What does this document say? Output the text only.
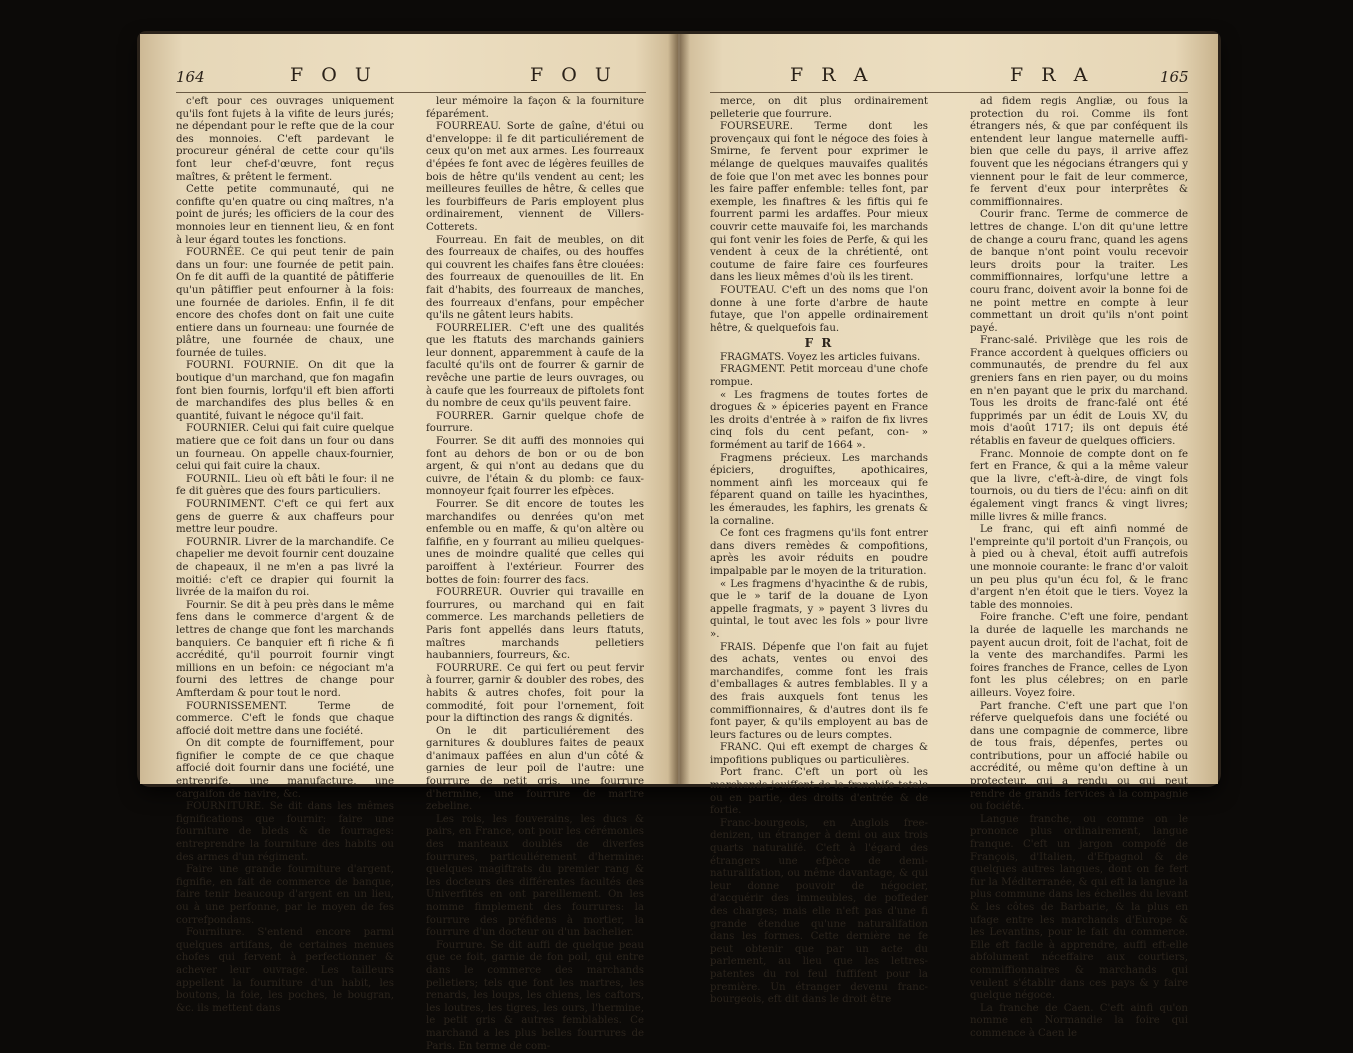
164	F O U	F O U

c'eft pour ces ouvrages uniquement qu'ils font fujets à la vifite de leurs jurés; ne dépendant pour le refte que de la cour des monnoies. C'eft pardevant le procureur général de cette cour qu'ils font leur chef-d'œuvre, font reçus maîtres, & prêtent le ferment.

Cette petite communauté, qui ne confifte qu'en quatre ou cinq maîtres, n'a point de jurés; les officiers de la cour des monnoies leur en tiennent lieu, & en font à leur égard toutes les fonctions.

FOURNÉE. Ce qui peut tenir de pain dans un four: une fournée de petit pain. On fe dit auffi de la quantité de pâtifferie qu'un pâtiffier peut enfourner à la fois: une fournée de darioles. Enfin, il fe dit encore des chofes dont on fait une cuite entiere dans un fourneau: une fournée de plâtre, une fournée de chaux, une fournée de tuiles.

FOURNI. FOURNIE. On dit que la boutique d'un marchand, que fon magafin font bien fournis, lorfqu'il eft bien afforti de marchandifes des plus belles & en quantité, fuivant le négoce qu'il fait.

FOURNIER. Celui qui fait cuire quelque matiere que ce foit dans un four ou dans un fourneau. On appelle chaux-fournier, celui qui fait cuire la chaux.

FOURNIL. Lieu où eft bâti le four: il ne fe dit guères que des fours particuliers.

FOURNIMENT. C'eft ce qui fert aux gens de guerre & aux chaffeurs pour mettre leur poudre.

FOURNIR. Livrer de la marchandife. Ce chapelier me devoit fournir cent douzaine de chapeaux, il ne m'en a pas livré la moitié: c'eft ce drapier qui fournit la livrée de la maifon du roi.

Fournir. Se dit à peu près dans le même fens dans le commerce d'argent & de lettres de change que font les marchands banquiers. Ce banquier eft fi riche & fi accrédité, qu'il pourroit fournir vingt millions en un befoin: ce négociant m'a fourni des lettres de change pour Amfterdam & pour tout le nord.

FOURNISSEMENT. Terme de commerce. C'eft le fonds que chaque affocié doit mettre dans une fociété.

On dit compte de fourniffement, pour fignifier le compte de ce que chaque affocié doit fournir dans une fociété, une entreprife, une manufacture, une cargaifon de navire, &c.

FOURNITURE. Se dit dans les mêmes fignifications que fournir: faire une fourniture de bleds & de fourrages: entreprendre la fourniture des habits ou des armes d'un régiment.

Faire une grande fourniture d'argent, fignifie, en fait de commerce de banque, faire tenir beaucoup d'argent en un lieu, ou à une perfonne, par le moyen de fes correfpondans.

Fourniture. S'entend encore parmi quelques artifans, de certaines menues chofes qui fervent à perfectionner & achever leur ouvrage. Les tailleurs appellent la fourniture d'un habit, les boutons, la foie, les poches, le bougran, &c. ils mettent dans

leur mémoire la façon & la fourniture féparément.

FOURREAU. Sorte de gaîne, d'étui ou d'enveloppe: il fe dit particuliérement de ceux qu'on met aux armes. Les fourreaux d'épées fe font avec de légères feuilles de bois de hêtre qu'ils vendent au cent; les meilleures feuilles de hêtre, & celles que les fourbiffeurs de Paris employent plus ordinairement, viennent de Villers-Cotterets.

Fourreau. En fait de meubles, on dit des fourreaux de chaifes, ou des houffes qui couvrent les chaifes fans être clouées: des fourreaux de quenouilles de lit. En fait d'habits, des fourreaux de manches, des fourreaux d'enfans, pour empêcher qu'ils ne gâtent leurs habits.

FOURRELIER. C'eft une des qualités que les ftatuts des marchands gainiers leur donnent, apparemment à caufe de la faculté qu'ils ont de fourrer & garnir de revêche une partie de leurs ouvrages, ou à caufe que les fourreaux de piftolets font du nombre de ceux qu'ils peuvent faire.

FOURRER. Garnir quelque chofe de fourrure.

Fourrer. Se dit auffi des monnoies qui font au dehors de bon or ou de bon argent, & qui n'ont au dedans que du cuivre, de l'étain & du plomb: ce faux-monnoyeur fçait fourrer les efpèces.

Fourrer. Se dit encore de toutes les marchandifes ou denrées qu'on met enfemble ou en maffe, & qu'on altère ou falfifie, en y fourrant au milieu quelques-unes de moindre qualité que celles qui paroiffent à l'extérieur. Fourrer des bottes de foin: fourrer des facs.

FOURREUR. Ouvrier qui travaille en fourrures, ou marchand qui en fait commerce. Les marchands pelletiers de Paris font appellés dans leurs ftatuts, maîtres marchands pelletiers haubanniers, fourreurs, &c.

FOURRURE. Ce qui fert ou peut fervir à fourrer, garnir & doubler des robes, des habits & autres chofes, foit pour la commodité, foit pour l'ornement, foit pour la diftinction des rangs & dignités.

On le dit particuliérement des garnitures & doublures faites de peaux d'animaux paffées en alun d'un côté & garnies de leur poil de l'autre: une fourrure de petit gris, une fourrure d'hermine, une fourrure de martre zebeline.

Les rois, les fouverains, les ducs & pairs, en France, ont pour les cérémonies des manteaux doublés de diverfes fourrures, particuliérement d'hermine: quelques magiftrats du premier rang & les docteurs des différentes facultés des Univerfités en ont pareillement. On les nomme fimplement des fourrures: la fourrure des préfidens à mortier, la fourrure d'un docteur ou d'un bachelier.

Fourrure. Se dit auffi de quelque peau que ce foit, garnie de fon poil, qui entre dans le commerce des marchands pelletiers; tels que font les martres, les renards, les loups, les chiens, les caftors, les loutres, les tigres, les ours, l'hermine, le petit gris & autres femblables. Ce marchand a les plus belles fourrures de Paris. En terme de com-

F R A	F R A	165

merce, on dit plus ordinairement pelleterie que fourrure.

FOURSEURE. Terme dont les provençaux qui font le négoce des foies à Smirne, fe fervent pour exprimer le mélange de quelques mauvaifes qualités de foie que l'on met avec les bonnes pour les faire paffer enfemble: telles font, par exemple, les finaftres & les fiftis qui fe fourrent parmi les ardaffes. Pour mieux couvrir cette mauvaife foi, les marchands qui font venir les foies de Perfe, & qui les vendent à ceux de la chrétienté, ont coutume de faire faire ces fourfeures dans les lieux mêmes d'où ils les tirent.

FOUTEAU. C'eft un des noms que l'on donne à une forte d'arbre de haute futaye, que l'on appelle ordinairement hêtre, & quelquefois fau.

F R

FRAGMATS. Voyez les articles fuivans.

FRAGMENT. Petit morceau d'une chofe rompue.

« Les fragmens de toutes fortes de drogues & » épiceries payent en France les droits d'entrée à » raifon de fix livres cinq fols du cent pefant, con- » formément au tarif de 1664 ».

Fragmens précieux. Les marchands épiciers, droguiftes, apothicaires, nomment ainfi les morceaux qui fe féparent quand on taille les hyacinthes, les émeraudes, les faphirs, les grenats & la cornaline.

Ce font ces fragmens qu'ils font entrer dans divers remèdes & compofitions, après les avoir réduits en poudre impalpable par le moyen de la trituration.

« Les fragmens d'hyacinthe & de rubis, que le » tarif de la douane de Lyon appelle fragmats, y » payent 3 livres du quintal, le tout avec les fols » pour livre ».

FRAIS. Dépenfe que l'on fait au fujet des achats, ventes ou envoi des marchandifes, comme font les frais d'emballages & autres femblables. Il y a des frais auxquels font tenus les commiffionnaires, & d'autres dont ils fe font payer, & qu'ils employent au bas de leurs factures ou de leurs comptes.

FRANC. Qui eft exempt de charges & impofitions publiques ou particulières.

Port franc. C'eft un port où les marchands jouiffent de la franchife totale ou en partie, des droits d'entrée & de fortie.

Franc-bourgeois, en Anglois free-denizen, un étranger à demi ou aux trois quarts naturalifé. C'eft à l'égard des étrangers une efpèce de demi-naturalifation, ou même davantage, & qui leur donne pouvoir de négocier, d'acquérir des immeubles, de poffeder des charges; mais elle n'eft pas d'une fi grande étendue qu'une naturalifation dans les formes. Cette dernière ne fe peut obtenir que par un acte du parlement, au lieu que les lettres-patentes du roi feul fuffifent pour la première. Un étranger devenu franc-bourgeois, eft dit dans le droit être

ad fidem regis Angliæ, ou fous la protection du roi. Comme ils font étrangers nés, & que par conféquent ils entendent leur langue maternelle auffi-bien que celle du pays, il arrive affez fouvent que les négocians étrangers qui y viennent pour le fait de leur commerce, fe fervent d'eux pour interprêtes & commiffionnaires.

Courir franc. Terme de commerce de lettres de change. L'on dit qu'une lettre de change a couru franc, quand les agens de banque n'ont point voulu recevoir leurs droits pour la traiter. Les commiffionnaires, lorfqu'une lettre a couru franc, doivent avoir la bonne foi de ne point mettre en compte à leur commettant un droit qu'ils n'ont point payé.

Franc-salé. Privilège que les rois de France accordent à quelques officiers ou communautés, de prendre du fel aux greniers fans en rien payer, ou du moins en n'en payant que le prix du marchand. Tous les droits de franc-falé ont été fupprimés par un édit de Louis XV, du mois d'août 1717; ils ont depuis été rétablis en faveur de quelques officiers.

Franc. Monnoie de compte dont on fe fert en France, & qui a la même valeur que la livre, c'eft-à-dire, de vingt fols tournois, ou du tiers de l'écu: ainfi on dit également vingt francs & vingt livres; mille livres & mille francs.

Le franc, qui eft ainfi nommé de l'empreinte qu'il portoit d'un François, ou à pied ou à cheval, étoit auffi autrefois une monnoie courante: le franc d'or valoit un peu plus qu'un écu fol, & le franc d'argent n'en étoit que le tiers. Voyez la table des monnoies.

Foire franche. C'eft une foire, pendant la durée de laquelle les marchands ne payent aucun droit, foit de l'achat, foit de la vente des marchandifes. Parmi les foires franches de France, celles de Lyon font les plus célebres; on en parle ailleurs. Voyez foire.

Part franche. C'eft une part que l'on réferve quelquefois dans une fociété ou dans une compagnie de commerce, libre de tous frais, dépenfes, pertes ou contributions, pour un affocié habile ou accrédité, ou même qu'on deftine à un protecteur, qui a rendu ou qui peut rendre de grands fervices à la compagnie ou fociété.

Langue franche, ou comme on le prononce plus ordinairement, langue franque. C'eft un jargon compofé de François, d'Italien, d'Efpagnol & de quelques autres langues, dont on fe fert fur la Méditerranée, & qui eft la langue la plus commune dans les échelles du levant & les côtes de Barbarie, & la plus en ufage entre les marchands d'Europe & les Levantins, pour le fait du commerce. Elle eft facile à apprendre, auffi eft-elle abfolument néceffaire aux courtiers, commiffionnaires & marchands qui veulent s'établir dans ces pays & y faire quelque négoce.

La franche de Caen. C'eft ainfi qu'on nomme en Normandie la foire qui commence à Caen le
